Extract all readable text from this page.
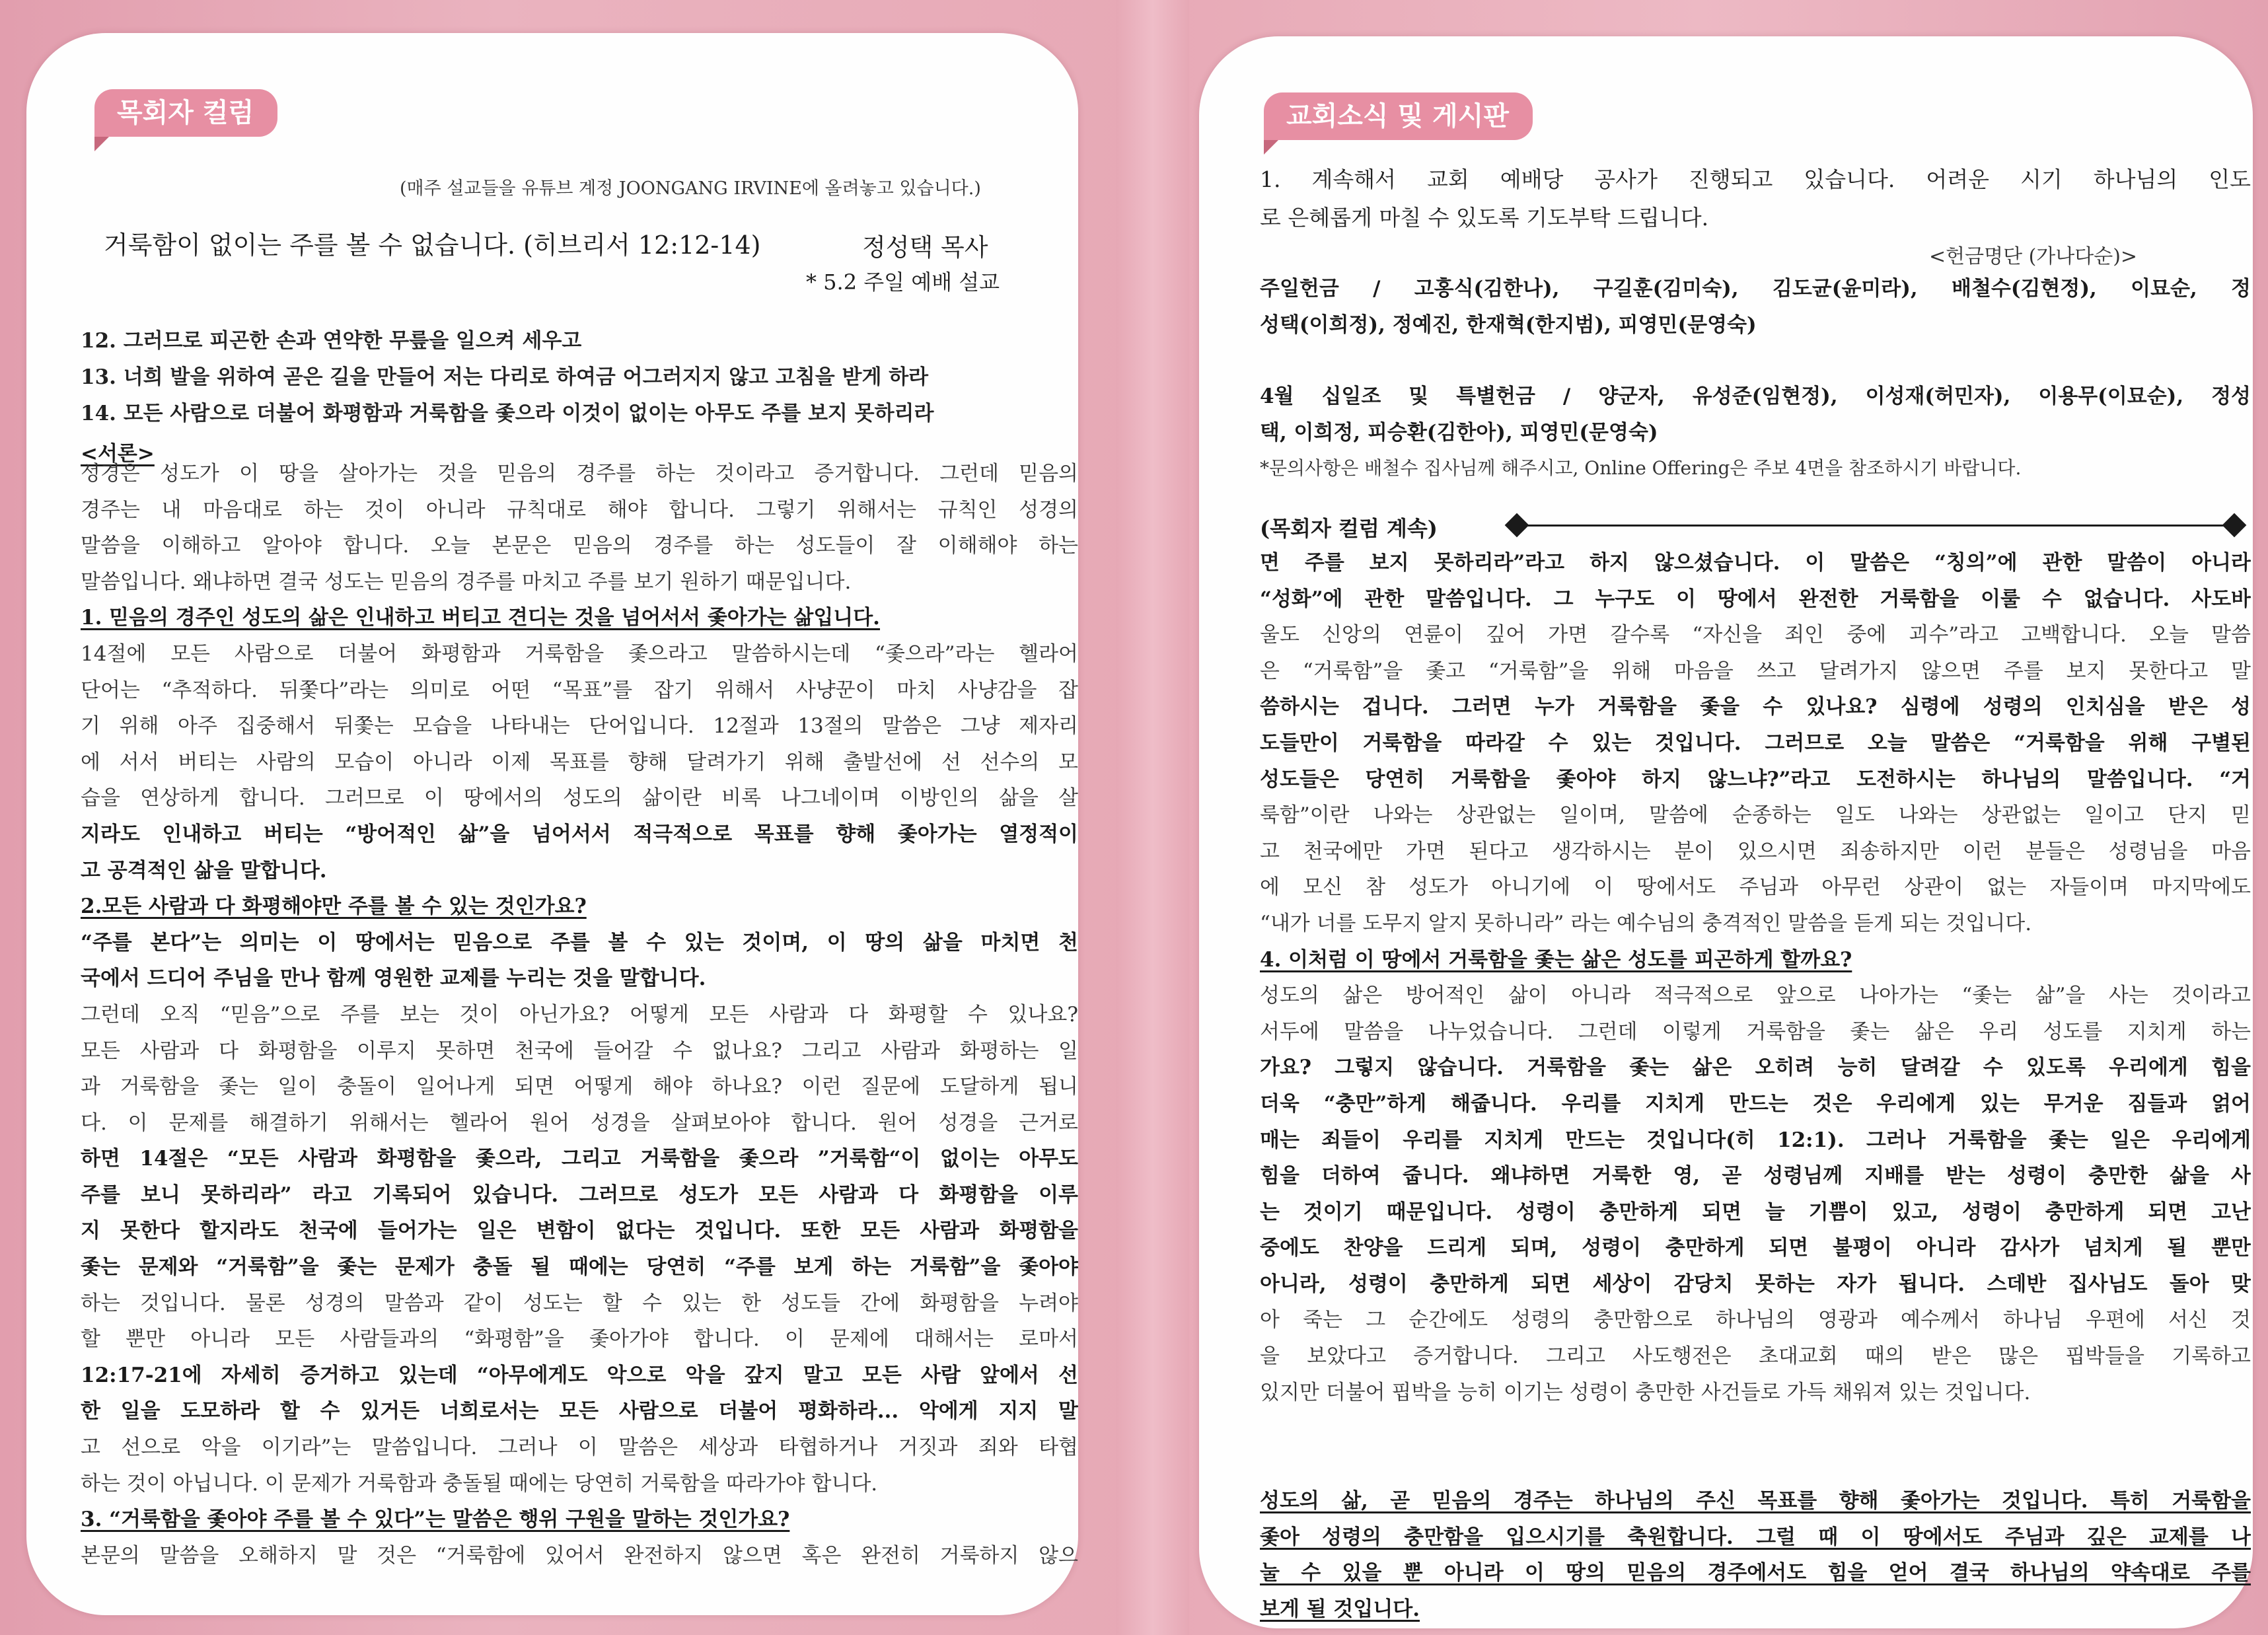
목회자 컬럼
(매주 설교들을 유튜브 계정 JOONGANG IRVINE에 올려놓고 있습니다.)
거룩함이 없이는 주를 볼 수 없습니다. (히브리서 12:12-14)	정성택 목사
* 5.2 주일 예배 설교
12. 그러므로 피곤한 손과 연약한 무릎을 일으켜 세우고
13. 너희 발을 위하여 곧은 길을 만들어 저는 다리로 하여금 어그러지지 않고 고침을 받게 하라
14. 모든 사람으로 더불어 화평함과 거룩함을 좇으라 이것이 없이는 아무도 주를 보지 못하리라
<서론>
성경은 성도가 이 땅을 살아가는 것을 믿음의 경주를 하는 것이라고 증거합니다. 그런데 믿음의
경주는 내 마음대로 하는 것이 아니라 규칙대로 해야 합니다. 그렇기 위해서는 규칙인 성경의
말씀을 이해하고 알아야 합니다. 오늘 본문은 믿음의 경주를 하는 성도들이 잘 이해해야 하는
말씀입니다. 왜냐하면 결국 성도는 믿음의 경주를 마치고 주를 보기 원하기 때문입니다.
1. 믿음의 경주인 성도의 삶은 인내하고 버티고 견디는 것을 넘어서서 좇아가는 삶입니다.
14절에 모든 사람으로 더불어 화평함과 거룩함을 좇으라고 말씀하시는데 “좇으라”라는 헬라어
단어는 “추적하다. 뒤쫓다”라는 의미로 어떤 “목표”를 잡기 위해서 사냥꾼이 마치 사냥감을 잡
기 위해 아주 집중해서 뒤쫓는 모습을 나타내는 단어입니다. 12절과 13절의 말씀은 그냥 제자리
에 서서 버티는 사람의 모습이 아니라 이제 목표를 향해 달려가기 위해 출발선에 선 선수의 모
습을 연상하게 합니다. 그러므로 이 땅에서의 성도의 삶이란 비록 나그네이며 이방인의 삶을 살
지라도 인내하고 버티는 “방어적인 삶”을 넘어서서 적극적으로 목표를 향해 좇아가는 열정적이
고 공격적인 삶을 말합니다.
2.모든 사람과 다 화평해야만 주를 볼 수 있는 것인가요?
“주를 본다”는 의미는 이 땅에서는 믿음으로 주를 볼 수 있는 것이며, 이 땅의 삶을 마치면 천
국에서 드디어 주님을 만나 함께 영원한 교제를 누리는 것을 말합니다.
그런데 오직 “믿음”으로 주를 보는 것이 아닌가요? 어떻게 모든 사람과 다 화평할 수 있나요?
모든 사람과 다 화평함을 이루지 못하면 천국에 들어갈 수 없나요? 그리고 사람과 화평하는 일
과 거룩함을 좇는 일이 충돌이 일어나게 되면 어떻게 해야 하나요? 이런 질문에 도달하게 됩니
다. 이 문제를 해결하기 위해서는 헬라어 원어 성경을 살펴보아야 합니다. 원어 성경을 근거로
하면 14절은 “모든 사람과 화평함을 좇으라, 그리고 거룩함을 좇으라 ”거룩함“이 없이는 아무도
주를 보니 못하리라” 라고 기록되어 있습니다. 그러므로 성도가 모든 사람과 다 화평함을 이루
지 못한다 할지라도 천국에 들어가는 일은 변함이 없다는 것입니다. 또한 모든 사람과 화평함을
좇는 문제와 “거룩함”을 좇는 문제가 충돌 될 때에는 당연히 “주를 보게 하는 거룩함”을 좇아야
하는 것입니다. 물론 성경의 말씀과 같이 성도는 할 수 있는 한 성도들 간에 화평함을 누려야
할 뿐만 아니라 모든 사람들과의 “화평함”을 좇아가야 합니다. 이 문제에 대해서는 로마서
12:17-21에 자세히 증거하고 있는데 “아무에게도 악으로 악을 갚지 말고 모든 사람 앞에서 선
한 일을 도모하라 할 수 있거든 너희로서는 모든 사람으로 더불어 평화하라... 악에게 지지 말
고 선으로 악을 이기라”는 말씀입니다. 그러나 이 말씀은 세상과 타협하거나 거짓과 죄와 타협
하는 것이 아닙니다. 이 문제가 거룩함과 충돌될 때에는 당연히 거룩함을 따라가야 합니다.
3. “거룩함을 좇아야 주를 볼 수 있다”는 말씀은 행위 구원을 말하는 것인가요?
본문의 말씀을 오해하지 말 것은 “거룩함에 있어서 완전하지 않으면 혹은 완전히 거룩하지 않으
교회소식 및 게시판
1. 계속해서 교회 예배당 공사가 진행되고 있습니다. 어려운 시기 하나님의 인도
로 은혜롭게 마칠 수 있도록 기도부탁 드립니다.
<헌금명단 (가나다순)>
주일헌금 / 고홍식(김한나), 구길훈(김미숙), 김도균(윤미라), 배철수(김현정), 이묘순, 정
성택(이희정), 정예진, 한재혁(한지범), 피영민(문영숙)
4월 십일조 및 특별헌금 / 양군자, 유성준(임현정), 이성재(허민자), 이용무(이묘순), 정성
택, 이희정, 피승환(김한아), 피영민(문영숙)
*문의사항은 배철수 집사님께 해주시고, Online Offering은 주보 4면을 참조하시기 바랍니다.
(목회자 컬럼 계속)
면 주를 보지 못하리라”라고 하지 않으셨습니다. 이 말씀은 “칭의”에 관한 말씀이 아니라
“성화”에 관한 말씀입니다. 그 누구도 이 땅에서 완전한 거룩함을 이룰 수 없습니다. 사도바
울도 신앙의 연륜이 깊어 가면 갈수록 “자신을 죄인 중에 괴수”라고 고백합니다. 오늘 말씀
은 “거룩함”을 좇고 “거룩함”을 위해 마음을 쓰고 달려가지 않으면 주를 보지 못한다고 말
씀하시는 겁니다. 그러면 누가 거룩함을 좇을 수 있나요? 심령에 성령의 인치심을 받은 성
도들만이 거룩함을 따라갈 수 있는 것입니다. 그러므로 오늘 말씀은 “거룩함을 위해 구별된
성도들은 당연히 거룩함을 좇아야 하지 않느냐?”라고 도전하시는 하나님의 말씀입니다. “거
룩함”이란 나와는 상관없는 일이며, 말씀에 순종하는 일도 나와는 상관없는 일이고 단지 믿
고 천국에만 가면 된다고 생각하시는 분이 있으시면 죄송하지만 이런 분들은 성령님을 마음
에 모신 참 성도가 아니기에 이 땅에서도 주님과 아무런 상관이 없는 자들이며 마지막에도
“내가 너를 도무지 알지 못하니라” 라는 예수님의 충격적인 말씀을 듣게 되는 것입니다.
4. 이처럼 이 땅에서 거룩함을 좇는 삶은 성도를 피곤하게 할까요?
성도의 삶은 방어적인 삶이 아니라 적극적으로 앞으로 나아가는 “좇는 삶”을 사는 것이라고
서두에 말씀을 나누었습니다. 그런데 이렇게 거룩함을 좇는 삶은 우리 성도를 지치게 하는
가요? 그렇지 않습니다. 거룩함을 좇는 삶은 오히려 능히 달려갈 수 있도록 우리에게 힘을
더욱 “충만”하게 해줍니다. 우리를 지치게 만드는 것은 우리에게 있는 무거운 짐들과 얽어
매는 죄들이 우리를 지치게 만드는 것입니다(히 12:1). 그러나 거룩함을 좇는 일은 우리에게
힘을 더하여 줍니다. 왜냐하면 거룩한 영, 곧 성령님께 지배를 받는 성령이 충만한 삶을 사
는 것이기 때문입니다. 성령이 충만하게 되면 늘 기쁨이 있고, 성령이 충만하게 되면 고난
중에도 찬양을 드리게 되며, 성령이 충만하게 되면 불평이 아니라 감사가 넘치게 될 뿐만
아니라, 성령이 충만하게 되면 세상이 감당치 못하는 자가 됩니다. 스데반 집사님도 돌아 맞
아 죽는 그 순간에도 성령의 충만함으로 하나님의 영광과 예수께서 하나님 우편에 서신 것
을 보았다고 증거합니다. 그리고 사도행전은 초대교회 때의 받은 많은 핍박들을 기록하고
있지만 더불어 핍박을 능히 이기는 성령이 충만한 사건들로 가득 채워져 있는 것입니다.
성도의 삶, 곧 믿음의 경주는 하나님의 주신 목표를 향해 좇아가는 것입니다. 특히 거룩함을
좇아 성령의 충만함을 입으시기를 축원합니다. 그럴 때 이 땅에서도 주님과 깊은 교제를 나
눌 수 있을 뿐 아니라 이 땅의 믿음의 경주에서도 힘을 얻어 결국 하나님의 약속대로 주를
보게 될 것입니다.
